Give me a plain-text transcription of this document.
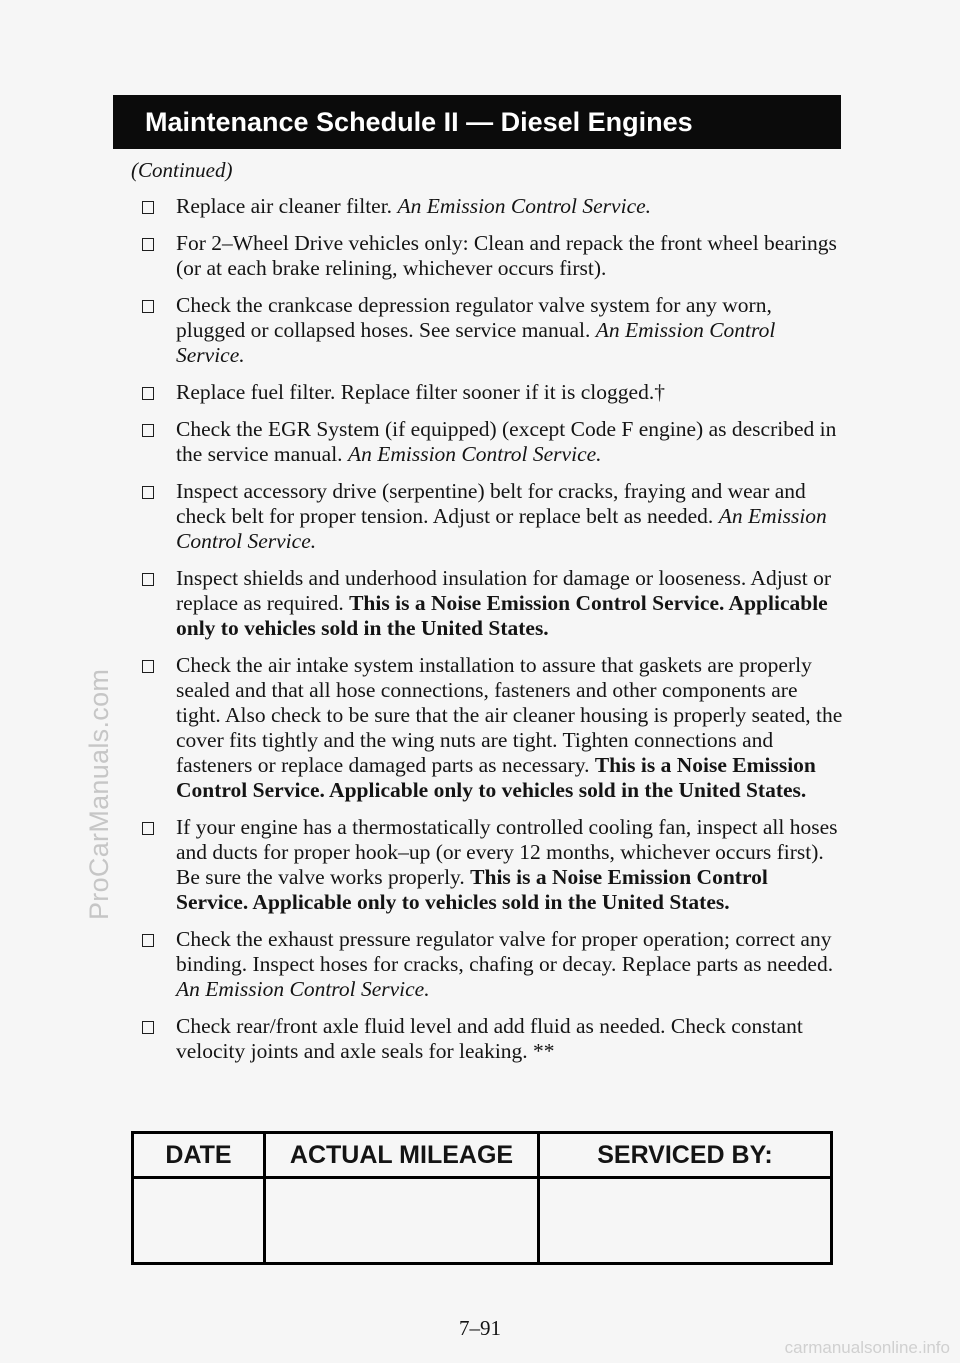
ProCarManuals.com
Maintenance Schedule II — Diesel Engines
(Continued)
Replace air cleaner filter. An Emission Control Service.
For 2–Wheel Drive vehicles only: Clean and repack the front wheel bearings (or at each brake relining, whichever occurs first).
Check the crankcase depression regulator valve system for any worn, plugged or collapsed hoses. See service manual. An Emission Control Service.
Replace fuel filter. Replace filter sooner if it is clogged.†
Check the EGR System (if equipped) (except Code F engine) as described in the service manual. An Emission Control Service.
Inspect accessory drive (serpentine) belt for cracks, fraying and wear and check belt for proper tension. Adjust or replace belt as needed. An Emission Control Service.
Inspect shields and underhood insulation for damage or looseness. Adjust or replace as required. This is a Noise Emission Control Service. Applicable only to vehicles sold in the United States.
Check the air intake system installation to assure that gaskets are properly sealed and that all hose connections, fasteners and other components are tight. Also check to be sure that the air cleaner housing is properly seated, the cover fits tightly and the wing nuts are tight. Tighten connections and fasteners or replace damaged parts as necessary. This is a Noise Emission Control Service. Applicable only to vehicles sold in the United States.
If your engine has a thermostatically controlled cooling fan, inspect all hoses and ducts for proper hook–up (or every 12 months, whichever occurs first). Be sure the valve works properly. This is a Noise Emission Control Service. Applicable only to vehicles sold in the United States.
Check the exhaust pressure regulator valve for proper operation; correct any binding. Inspect hoses for cracks, chafing or decay. Replace parts as needed. An Emission Control Service.
Check rear/front axle fluid level and add fluid as needed. Check constant velocity joints and axle seals for leaking. **
DATE	ACTUAL MILEAGE	SERVICED BY:

7–91
carmanualsonline.info
